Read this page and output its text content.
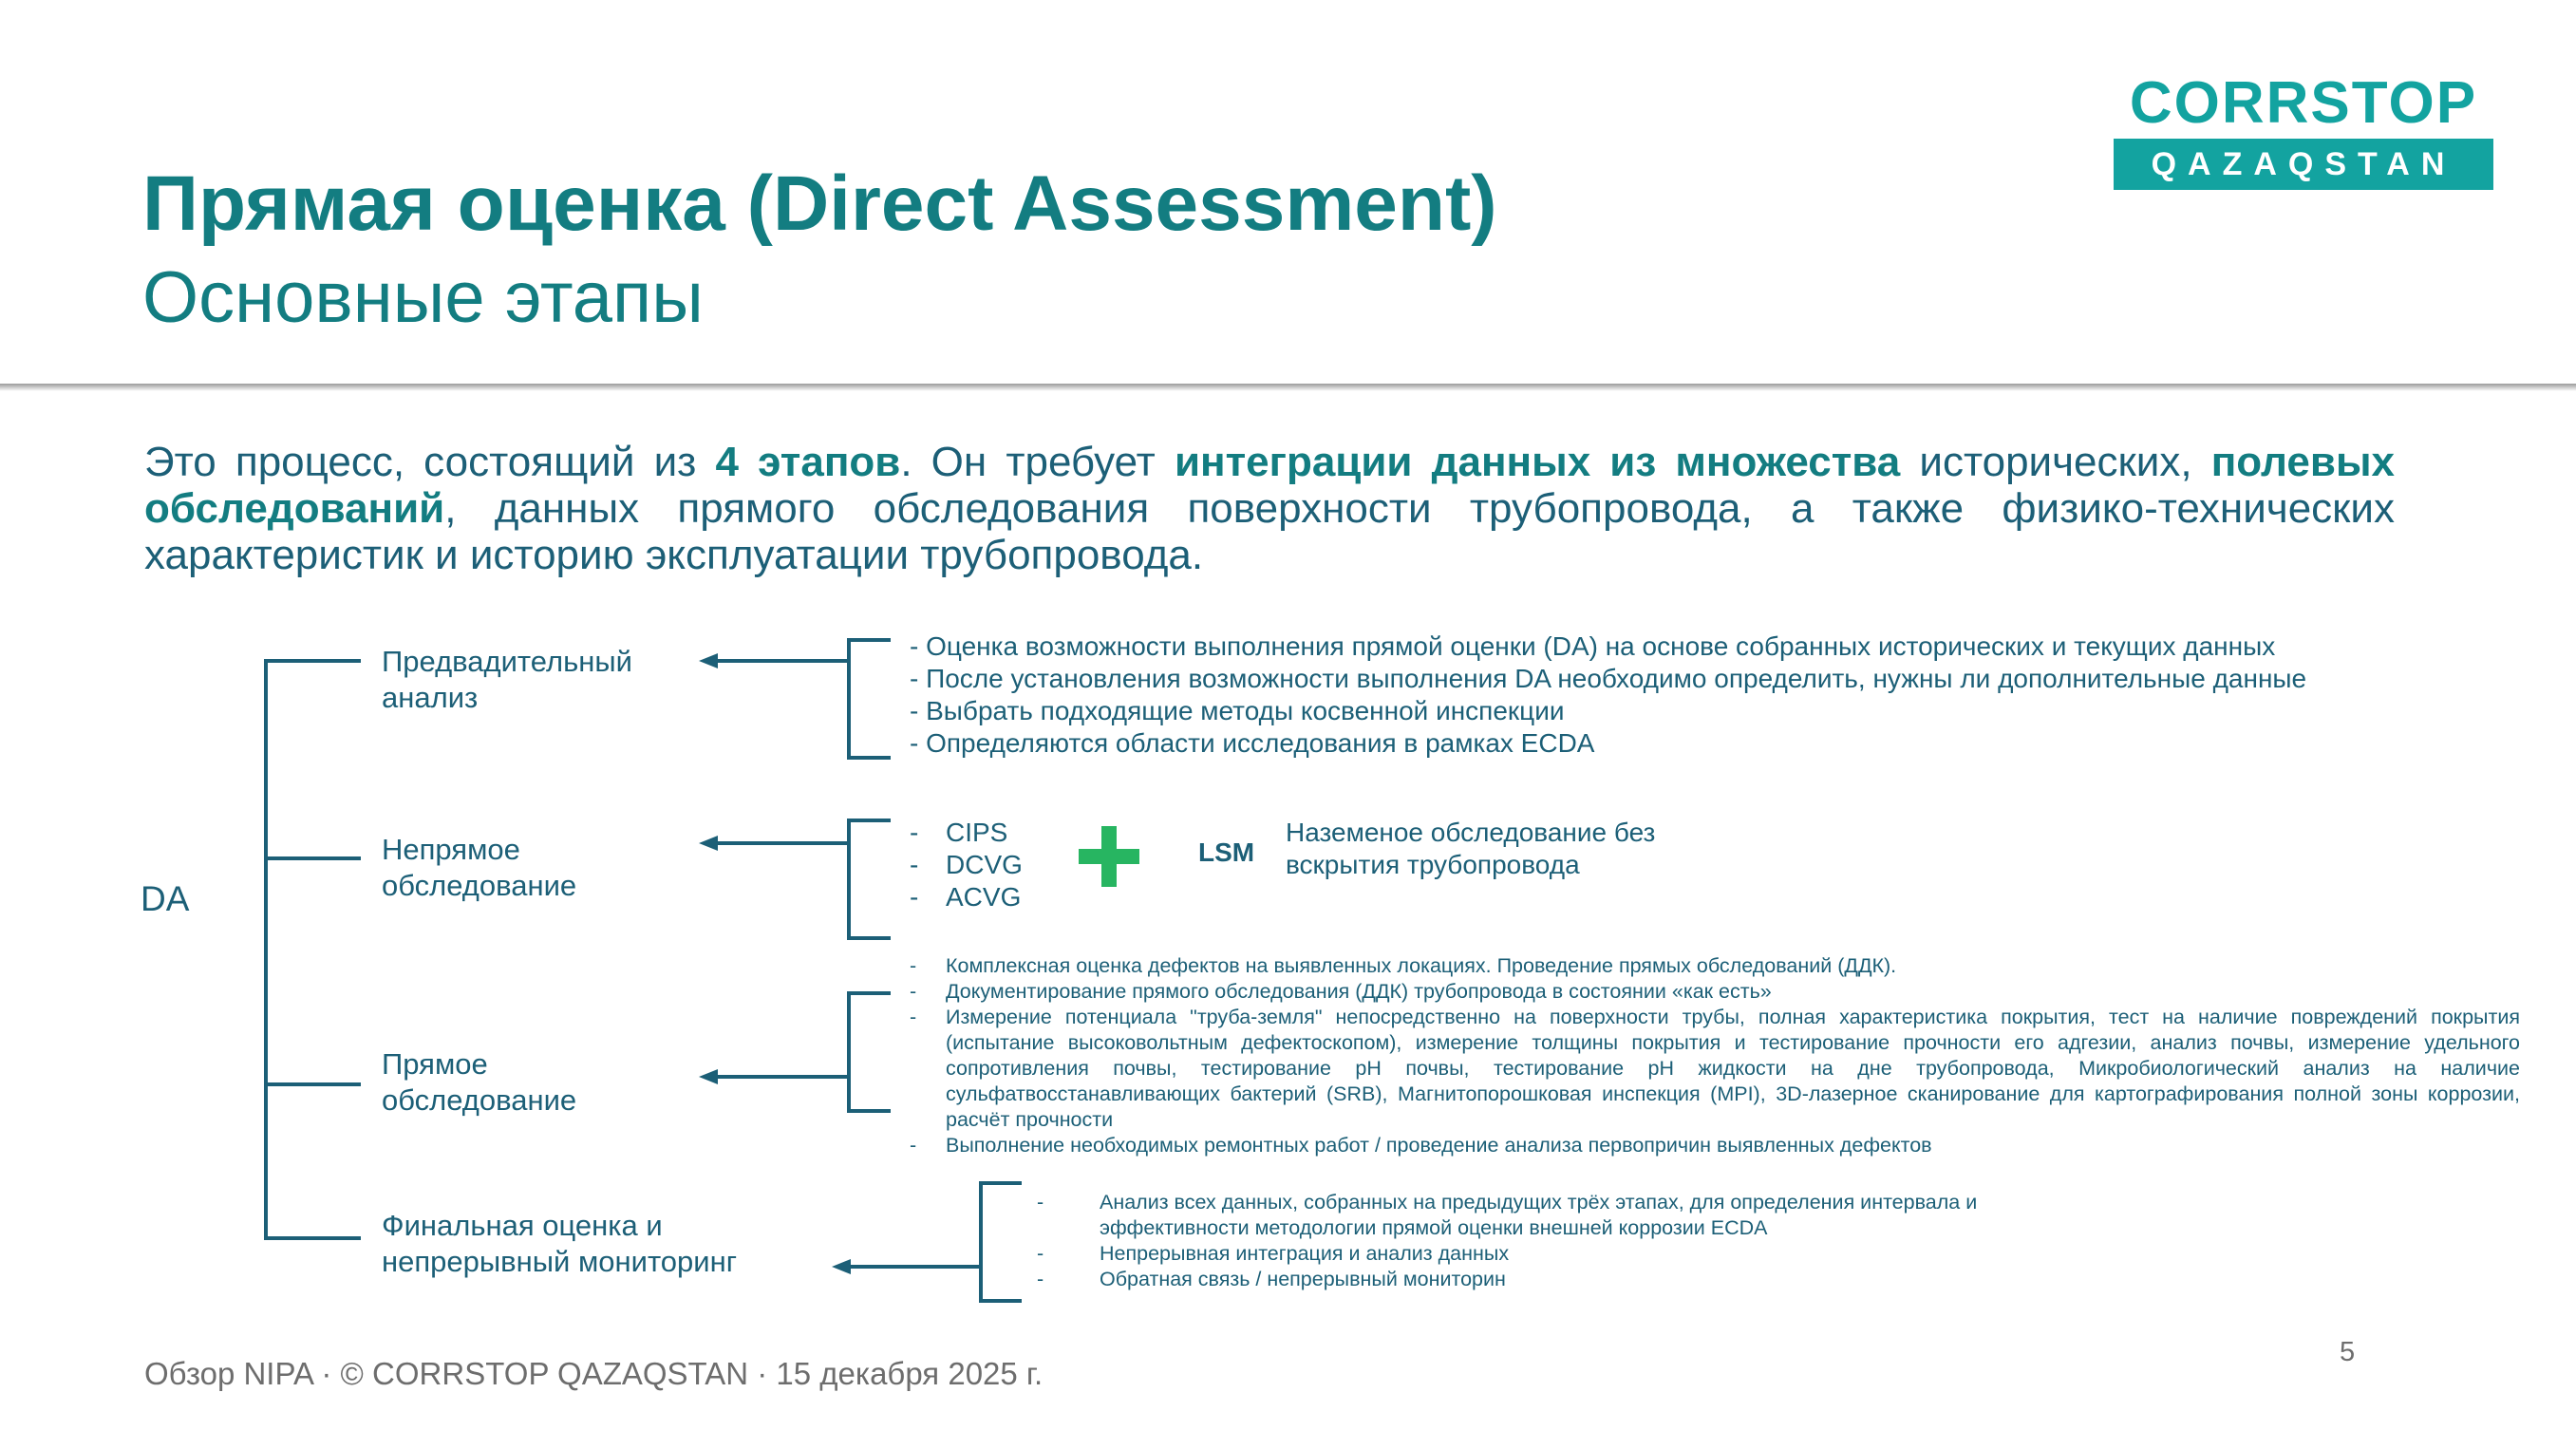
Прямая оценка (Direct Assessment)
Основные этапы
CORRSTOP
QAZAQSTAN
Это процесс, состоящий из 4 этапов. Он требует интеграции данных из множества исторических, полевых обследований, данных прямого обследования поверхности трубопровода, а также физико-технических характеристик и историю эксплуатации трубопровода.
DA
Предвадительный анализ
Непрямое обследование
Прямое обследование
Финальная оценка и непрерывный мониторинг
- Оценка возможности выполнения прямой оценки (DA) на основе собранных исторических и текущих данных
- После установления возможности выполнения DA необходимо определить, нужны ли дополнительные данные
- Выбрать подходящие методы косвенной инспекции
- Определяются области исследования в рамках ECDA
-	CIPS
-	DCVG
-	ACVG
LSM
Наземеное обследование без вскрытия трубопровода
-	Комплексная оценка дефектов на выявленных локациях. Проведение прямых обследований (ДДК).
-	Документирование прямого обследования (ДДК) трубопровода в состоянии «как есть»
-	Измерение потенциала "труба-земля" непосредственно на поверхности трубы, полная характеристика покрытия, тест на наличие повреждений покрытия (испытание высоковольтным дефектоскопом), измерение толщины покрытия и тестирование прочности его адгезии, анализ почвы, измерение удельного сопротивления почвы, тестирование pH почвы, тестирование pH жидкости на дне трубопровода, Микробиологический анализ на наличие сульфатвосстанавливающих бактерий (SRB), Магнитопорошковая инспекция (MPI), 3D-лазерное сканирование для картографирования полной зоны коррозии, расчёт прочности
-	Выполнение необходимых ремонтных работ / проведение анализа первопричин выявленных дефектов
-	Анализ всех данных, собранных на предыдущих трёх этапах, для определения интервала и эффективности методологии прямой оценки внешней коррозии ECDA
-	Непрерывная интеграция и анализ данных
-	Обратная связь / непрерывный мониторин
Обзор NIPA · © CORRSTOP QAZAQSTAN · 15 декабря 2025 г.
5
